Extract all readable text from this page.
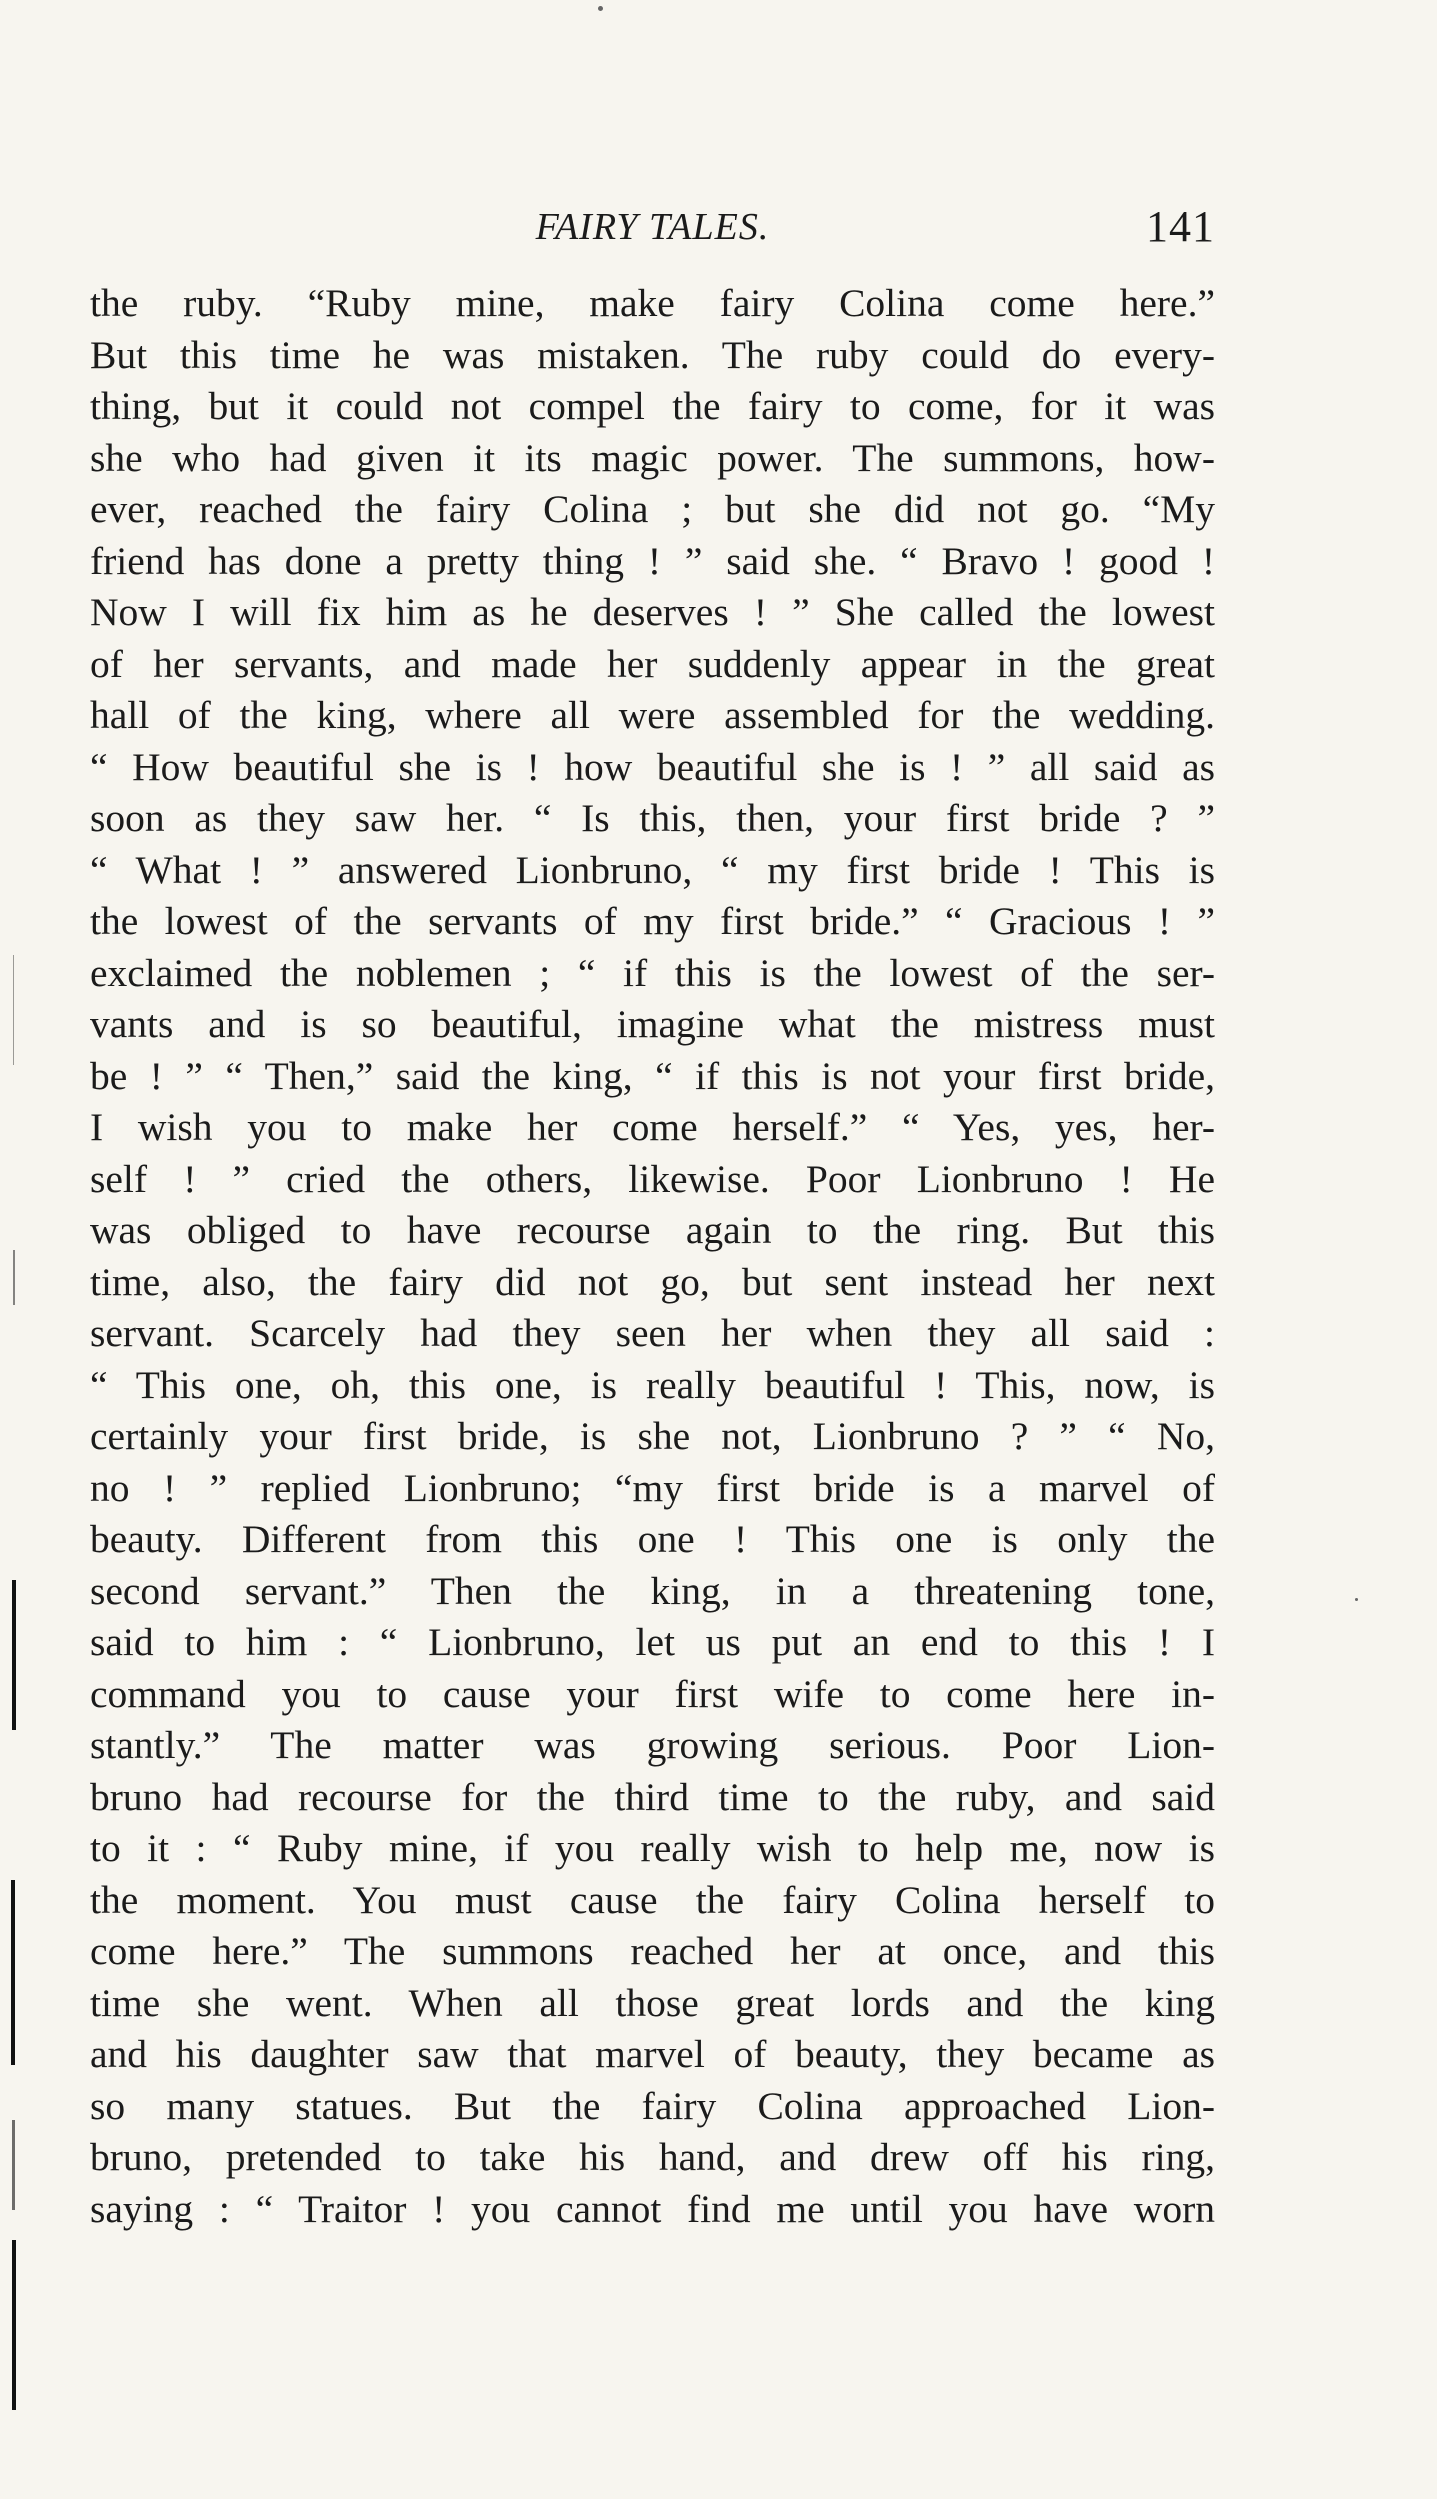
FAIRY TALES.	141
the ruby. “Ruby mine, make fairy Colina come here.”
But this time he was mistaken. The ruby could do every-
thing, but it could not compel the fairy to come, for it was
she who had given it its magic power. The summons, how-
ever, reached the fairy Colina ; but she did not go. “My
friend has done a pretty thing ! ” said she. “ Bravo ! good !
Now I will fix him as he deserves ! ” She called the lowest
of her servants, and made her suddenly appear in the great
hall of the king, where all were assembled for the wedding.
“ How beautiful she is ! how beautiful she is ! ” all said as
soon as they saw her. “ Is this, then, your first bride ? ”
“ What ! ” answered Lionbruno, “ my first bride ! This is
the lowest of the servants of my first bride.” “ Gracious ! ”
exclaimed the noblemen ; “ if this is the lowest of the ser-
vants and is so beautiful, imagine what the mistress must
be ! ” “ Then,” said the king, “ if this is not your first bride,
I wish you to make her come herself.” “ Yes, yes, her-
self ! ” cried the others, likewise. Poor Lionbruno ! He
was obliged to have recourse again to the ring. But this
time, also, the fairy did not go, but sent instead her next
servant. Scarcely had they seen her when they all said :
“ This one, oh, this one, is really beautiful ! This, now, is
certainly your first bride, is she not, Lionbruno ? ” “ No,
no ! ” replied Lionbruno; “my first bride is a marvel of
beauty. Different from this one ! This one is only the
second servant.” Then the king, in a threatening tone,
said to him : “ Lionbruno, let us put an end to this ! I
command you to cause your first wife to come here in-
stantly.” The matter was growing serious. Poor Lion-
bruno had recourse for the third time to the ruby, and said
to it : “ Ruby mine, if you really wish to help me, now is
the moment. You must cause the fairy Colina herself to
come here.” The summons reached her at once, and this
time she went. When all those great lords and the king
and his daughter saw that marvel of beauty, they became as
so many statues. But the fairy Colina approached Lion-
bruno, pretended to take his hand, and drew off his ring,
saying : “ Traitor ! you cannot find me until you have worn
